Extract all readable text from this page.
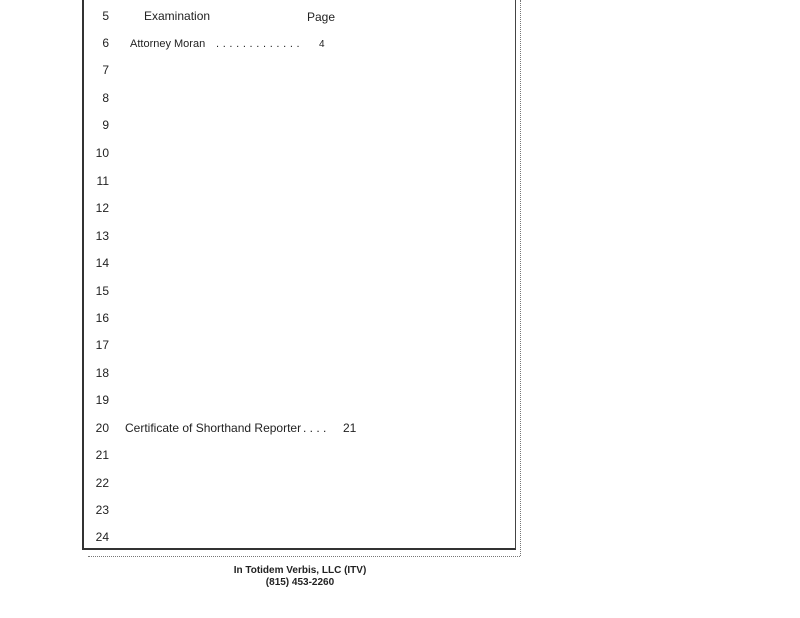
5
6
7
8
9
10
11
12
13
14
15
16
17
18
19
20
21
22
23
24
Examination	Page
Attorney Moran . . . . . . . . . . . . . 4
Certificate of Shorthand Reporter . . . . 21
In Totidem Verbis, LLC (ITV)
(815) 453-2260
